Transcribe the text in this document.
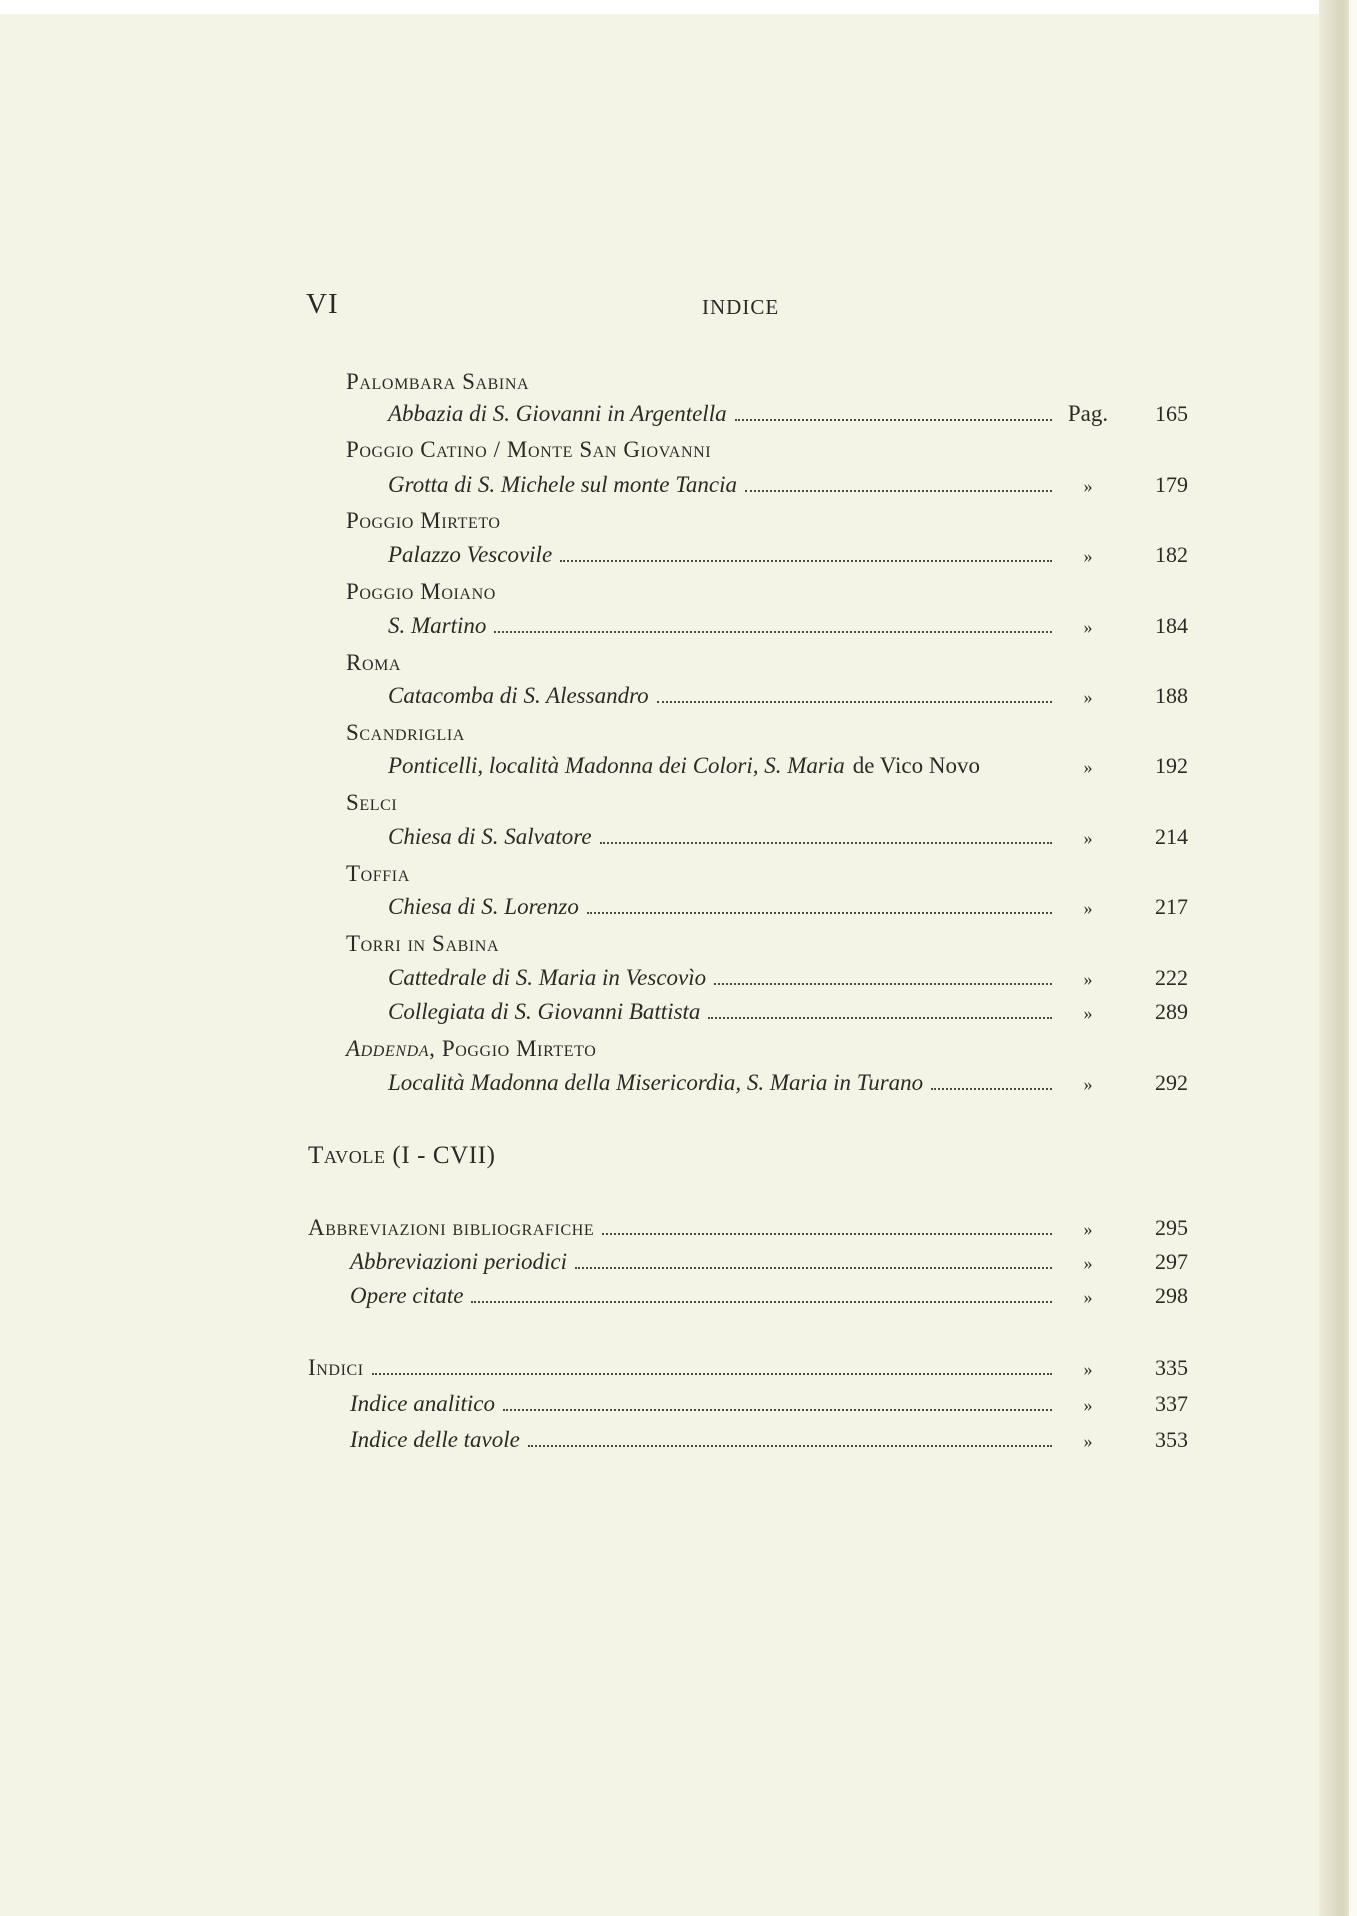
VI	INDICE
Palombara Sabina
Abbazia di S. Giovanni in Argentella	Pag.	165
Poggio Catino / Monte San Giovanni
Grotta di S. Michele sul monte Tancia	»	179
Poggio Mirteto
Palazzo Vescovile	»	182
Poggio Moiano
S. Martino	»	184
Roma
Catacomba di S. Alessandro	»	188
Scandriglia
Ponticelli, località Madonna dei Colori, S. Maria de Vico Novo	»	192
Selci
Chiesa di S. Salvatore	»	214
Toffia
Chiesa di S. Lorenzo	»	217
Torri in Sabina
Cattedrale di S. Maria in Vescovìo	»	222
Collegiata di S. Giovanni Battista	»	289
Addenda, Poggio Mirteto
Località Madonna della Misericordia, S. Maria in Turano	»	292
Tavole (I - CVII)
Abbreviazioni bibliografiche	»	295
Abbreviazioni periodici	»	297
Opere citate	»	298
Indici	»	335
Indice analitico	»	337
Indice delle tavole	»	353
